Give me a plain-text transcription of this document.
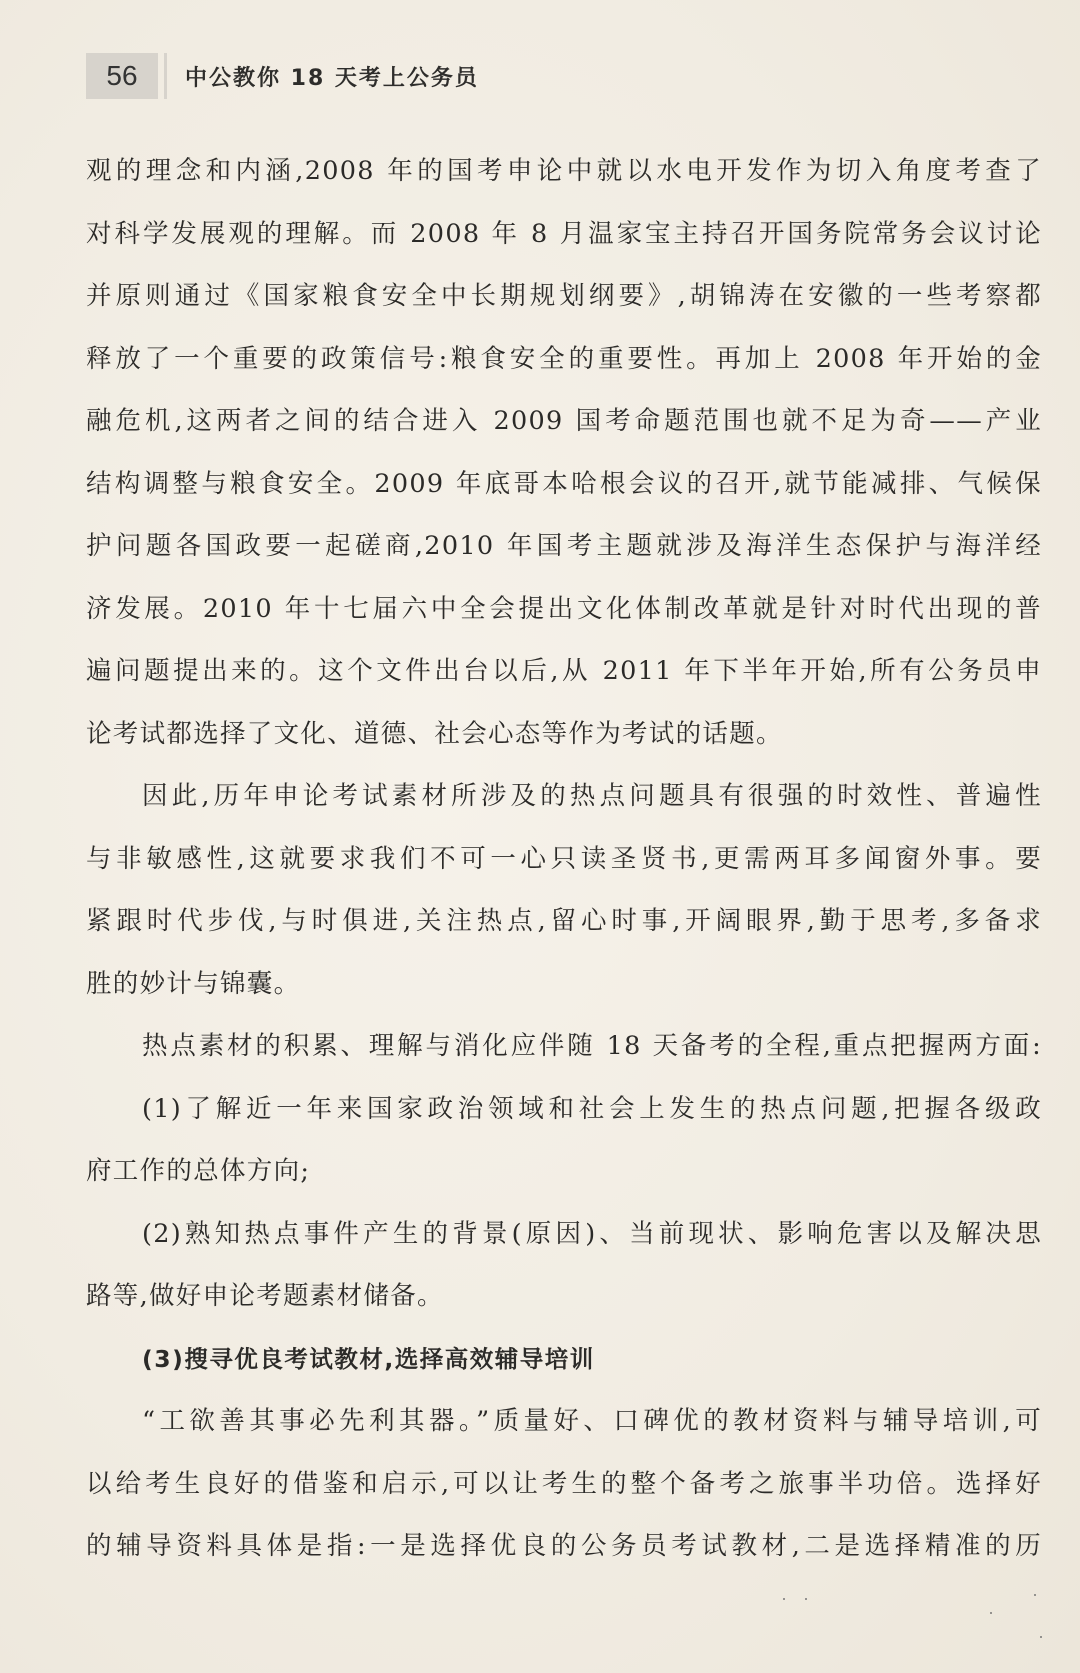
56	中公教你 18 天考上公务员
观的理念和内涵,2008 年的国考申论中就以水电开发作为切入角度考查了
对科学发展观的理解。而 2008 年 8 月温家宝主持召开国务院常务会议讨论
并原则通过《国家粮食安全中长期规划纲要》,胡锦涛在安徽的一些考察都
释放了一个重要的政策信号:粮食安全的重要性。再加上 2008 年开始的金
融危机,这两者之间的结合进入 2009 国考命题范围也就不足为奇——产业
结构调整与粮食安全。2009 年底哥本哈根会议的召开,就节能减排、气候保
护问题各国政要一起磋商,2010 年国考主题就涉及海洋生态保护与海洋经
济发展。2010 年十七届六中全会提出文化体制改革就是针对时代出现的普
遍问题提出来的。这个文件出台以后,从 2011 年下半年开始,所有公务员申
论考试都选择了文化、道德、社会心态等作为考试的话题。
因此,历年申论考试素材所涉及的热点问题具有很强的时效性、普遍性
与非敏感性,这就要求我们不可一心只读圣贤书,更需两耳多闻窗外事。要
紧跟时代步伐,与时俱进,关注热点,留心时事,开阔眼界,勤于思考,多备求
胜的妙计与锦囊。
热点素材的积累、理解与消化应伴随 18 天备考的全程,重点把握两方面:
(1)了解近一年来国家政治领域和社会上发生的热点问题,把握各级政
府工作的总体方向;
(2)熟知热点事件产生的背景(原因)、当前现状、影响危害以及解决思
路等,做好申论考题素材储备。
(3)搜寻优良考试教材,选择高效辅导培训
“工欲善其事必先利其器。”质量好、口碑优的教材资料与辅导培训,可
以给考生良好的借鉴和启示,可以让考生的整个备考之旅事半功倍。选择好
的辅导资料具体是指:一是选择优良的公务员考试教材,二是选择精准的历
